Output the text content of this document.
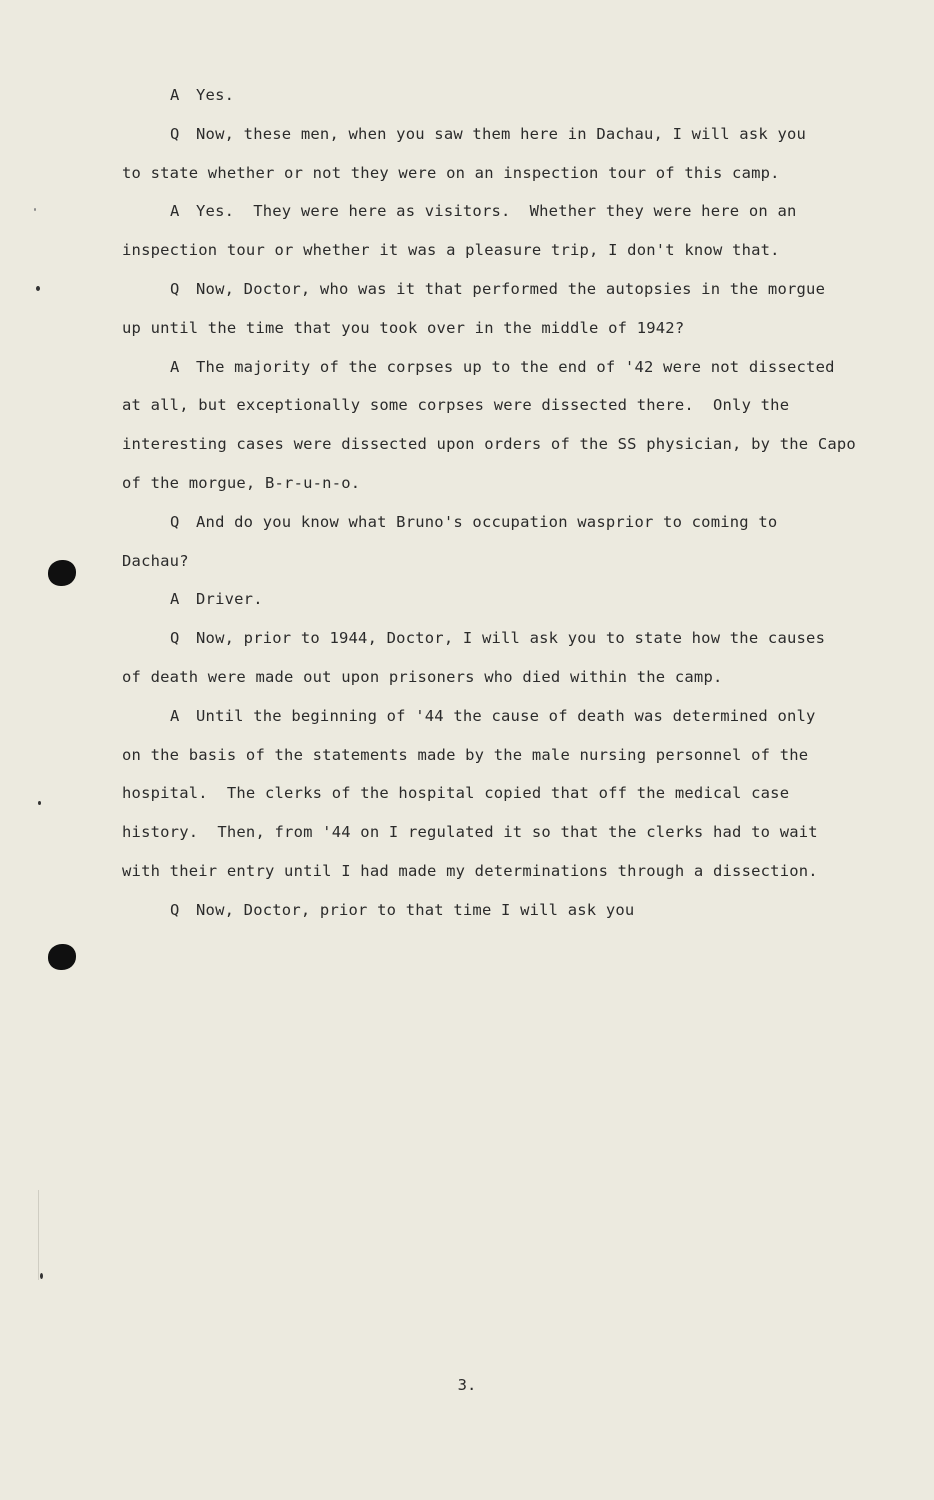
A Yes.
Q Now, these men, when you saw them here in Dachau, I will ask you
to state whether or not they were on an inspection tour of this camp.
A Yes.  They were here as visitors.  Whether they were here on an
inspection tour or whether it was a pleasure trip, I don't know that.
Q Now, Doctor, who was it that performed the autopsies in the morgue
up until the time that you took over in the middle of 1942?
A The majority of the corpses up to the end of '42 were not dissected
at all, but exceptionally some corpses were dissected there.  Only the
interesting cases were dissected upon orders of the SS physician, by the Capo
of the morgue, B-r-u-n-o.
Q And do you know what Bruno's occupation wasprior to coming to
Dachau?
A Driver.
Q Now, prior to 1944, Doctor, I will ask you to state how the causes
of death were made out upon prisoners who died within the camp.
A Until the beginning of '44 the cause of death was determined only
on the basis of the statements made by the male nursing personnel of the
hospital.  The clerks of the hospital copied that off the medical case
history.  Then, from '44 on I regulated it so that the clerks had to wait
with their entry until I had made my determinations through a dissection.
Q Now, Doctor, prior to that time I will ask you
3.
